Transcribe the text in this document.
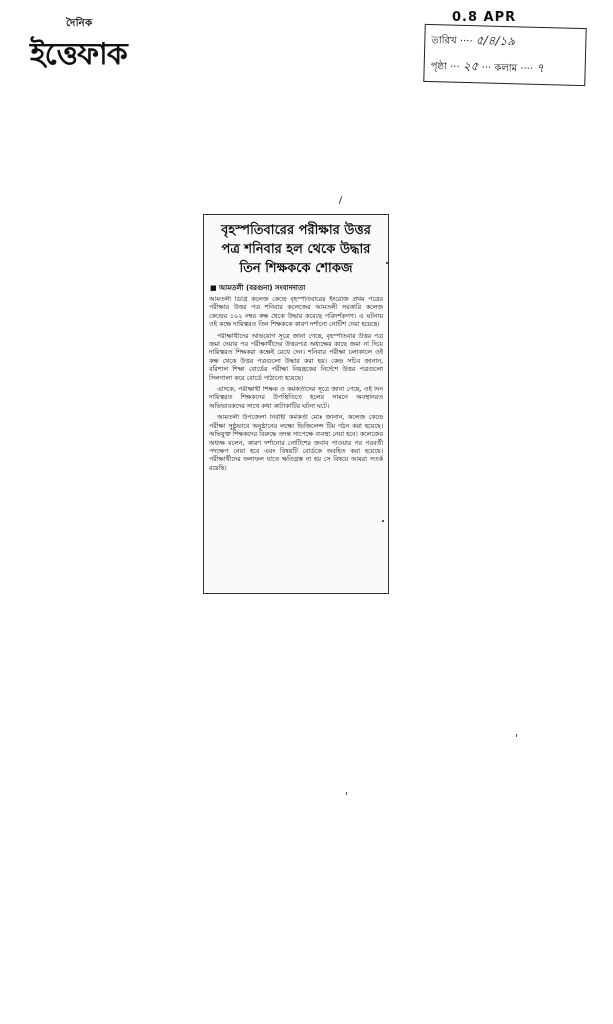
দৈনিক
ইত্তেফাক
0.8 APR
তারিখ ···· ৫/৪/১৯
পৃষ্ঠা ··· ২৫ ··· কলাম ···· ৭
বৃহস্পতিবারের পরীক্ষার উত্তর
পত্র শনিবার হল থেকে উদ্ধার
তিন শিক্ষককে শোকজ
■ আমতলী (বরগুনা) সংবাদদাতা

আমতলী ডিগ্রি কলেজ কেন্দ্রে বৃহস্পতিবারের ইংরেজি প্রথম পত্রের পরীক্ষার উত্তর পত্র শনিবার কলেজের আমতলী সরকারি কলেজ কেন্দ্রের ১০২ নম্বর কক্ষ থেকে উদ্ধার করেছে পরিদর্শকগণ। এ ঘটনায় ওই কক্ষে দায়িত্বরত তিন শিক্ষককে কারণ দর্শানো নোটিশ দেয়া হয়েছে।

পরীক্ষার্থীদের অভিযোগ সূত্রে জানা গেছে, বৃহস্পতিবার উত্তর পত্র জমা দেয়ার পর পরীক্ষার্থীদের উত্তরপত্র অধ্যক্ষের কাছে জমা না দিয়ে দায়িত্বরত শিক্ষকরা কক্ষেই রেখে দেন। শনিবার পরীক্ষা চলাকালে ওই কক্ষ থেকে উত্তর পত্রগুলো উদ্ধার করা হয়। কেন্দ্র সচিব জানান, বরিশাল শিক্ষা বোর্ডের পরীক্ষা নিয়ন্ত্রকের নির্দেশে উত্তর পত্রগুলো সিলগালা করে বোর্ডে পাঠানো হয়েছে।

এদিকে, পরীক্ষার্থী শিক্ষক ও কর্মকর্তাদের সূত্রে জানা গেছে, ওই দিন দায়িত্বরত শিক্ষকদের উপস্থিতিতে হলের সামনে অবস্থানরত অভিভাবকদের সাথে কথা কাটাকাটির ঘটনা ঘটে।

আমতলী উপজেলা নির্বাহী কর্মকর্তা মোঃ জানান, কলেজ কেন্দ্রে পরীক্ষা সুষ্ঠুভাবে অনুষ্ঠানের লক্ষ্যে ভিজিলেন্স টিম গঠন করা হয়েছে। অভিযুক্ত শিক্ষকদের বিরুদ্ধে তদন্ত সাপেক্ষে ব্যবস্থা নেয়া হবে। কলেজের অধ্যক্ষ বলেন, কারণ দর্শানোর নোটিশের জবাব পাওয়ার পর পরবর্তী পদক্ষেপ নেয়া হবে এবং বিষয়টি বোর্ডকে অবহিত করা হয়েছে। পরীক্ষার্থীদের ফলাফল যাতে ক্ষতিগ্রস্ত না হয় সে বিষয়ে আমরা সতর্ক রয়েছি।
